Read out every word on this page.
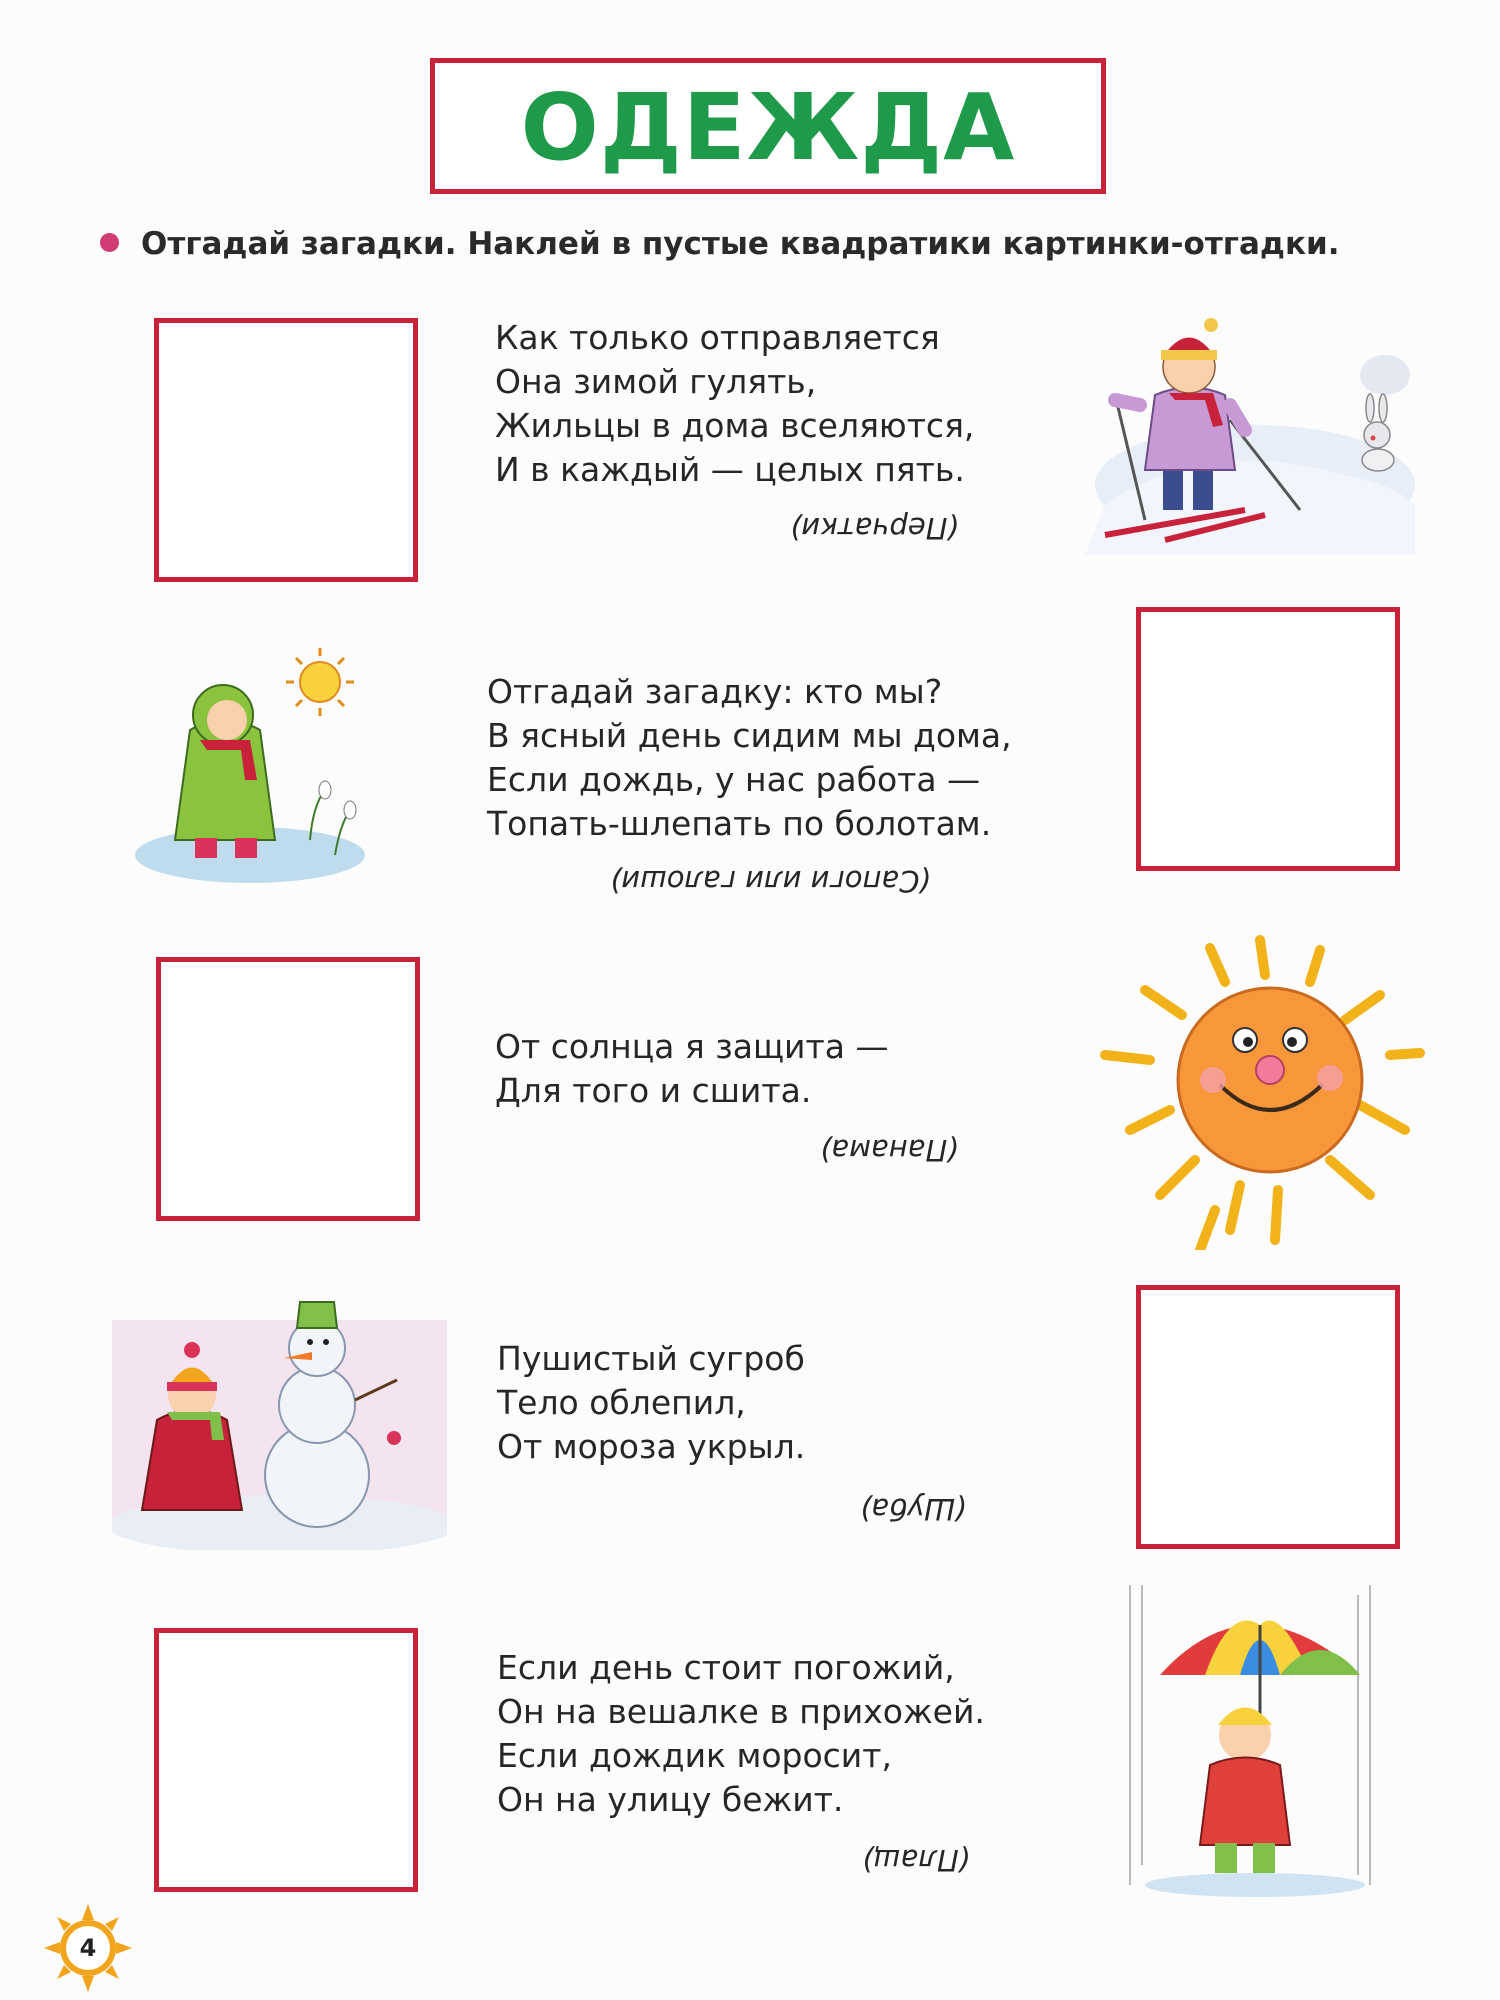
ОДЕЖДА
Отгадай загадки. Наклей в пустые квадратики картинки-отгадки.
Как только отправляется
Она зимой гулять,
Жильцы в дома вселяются,
И в каждый — целых пять.
(Перчатки)
Отгадай загадку: кто мы?
В ясный день сидим мы дома,
Если дождь, у нас работа —
Топать-шлепать по болотам.
(Сапоги или галоши)
От солнца я защита —
Для того и сшита.
(Панама)
Пушистый сугроб
Тело облепил,
От мороза укрыл.
(Шуба)
Если день стоит погожий,
Он на вешалке в прихожей.
Если дождик моросит,
Он на улицу бежит.
(Плащ)
4
